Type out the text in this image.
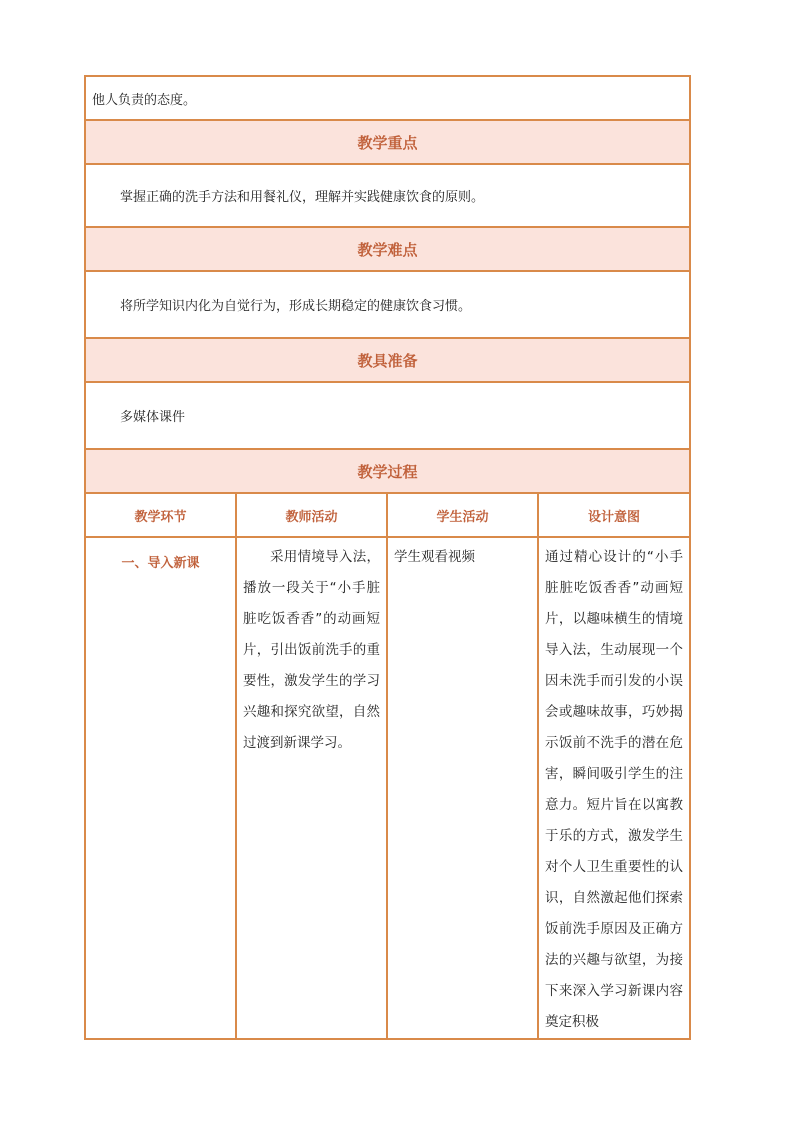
他人负责的态度。			
教学重点			
掌握正确的洗手方法和用餐礼仪，理解并实践健康饮食的原则。			
教学难点			
将所学知识内化为自觉行为，形成长期稳定的健康饮食习惯。			
教具准备			
多媒体课件			
教学过程			
教学环节	教师活动	学生活动	设计意图
一、导入新课	采用情境导入法，播放一段关于“小手脏脏吃饭香香”的动画短片，引出饭前洗手的重要性，激发学生的学习兴趣和探究欲望，自然过渡到新课学习。	学生观看视频	通过精心设计的“小手脏脏吃饭香香”动画短片，以趣味横生的情境导入法，生动展现一个因未洗手而引发的小误会或趣味故事，巧妙揭示饭前不洗手的潜在危害，瞬间吸引学生的注意力。短片旨在以寓教于乐的方式，激发学生对个人卫生重要性的认识，自然激起他们探索饭前洗手原因及正确方法的兴趣与欲望，为接下来深入学习新课内容奠定积极
